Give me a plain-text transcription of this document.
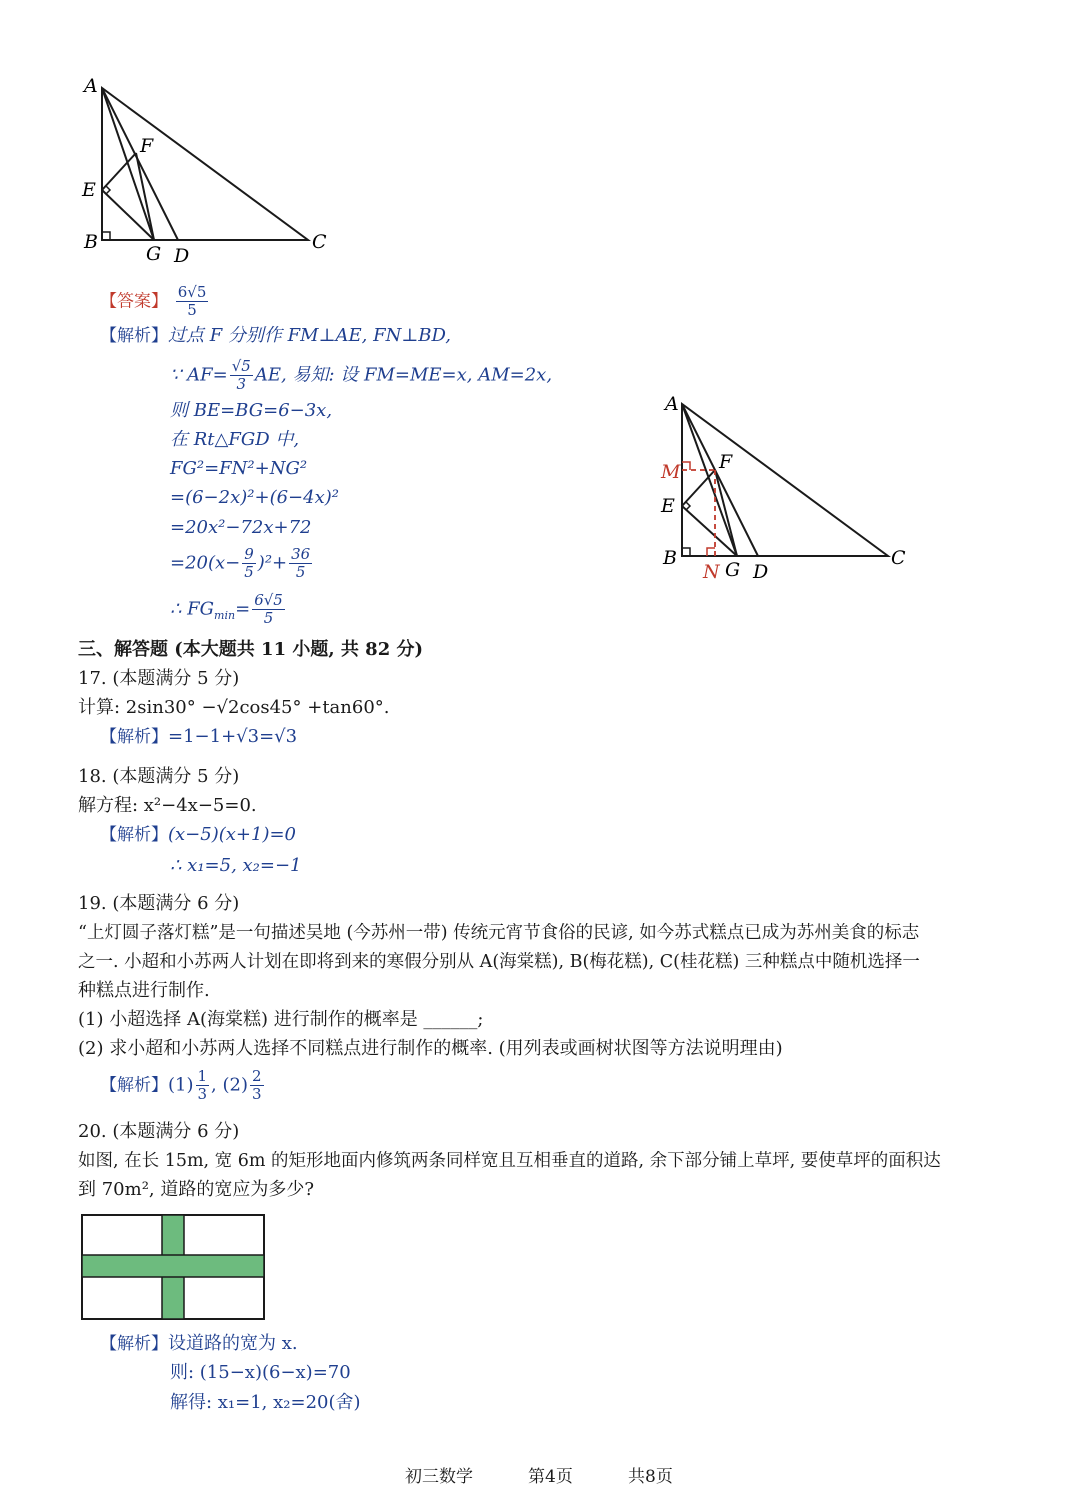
A
F
E
B
G D
C
A
M F
E
B
N G D
C
【答案】 $\frac{6√5}{5}$
【解析】过点 F 分别作 FM⊥AE, FN⊥BD,
∵ $AF= \frac{√5}{3}$ AE, 易知: 设 FM=ME=x, AM=2x,
则 BE=BG=6−3x,
在 Rt△FGD 中,
FG²=FN²+NG²
=(6−2x)²+(6−4x)²
=20x²−72x+72
$=20(x- \frac{9}{5} )^2+ \frac{36}{5}$
∴ $FG_{min}= \frac{6√5}{5}$
三、解答题 (本大题共 11 小题, 共 82 分)
17. (本题满分 5 分)
计算: 2sin30° −√2cos45° +tan60°.
【解析】=1−1+√3=√3
18. (本题满分 5 分)
解方程: x²−4x−5=0.
【解析】(x−5)(x+1)=0
∴ x₁=5, x₂=−1
19. (本题满分 6 分)
“上灯圆子落灯糕”是一句描述吴地 (今苏州一带) 传统元宵节食俗的民谚, 如今苏式糕点已成为苏州美食的标志
之一. 小超和小苏两人计划在即将到来的寒假分别从 A(海棠糕), B(梅花糕), C(桂花糕) 三种糕点中随机选择一
种糕点进行制作.
(1) 小超选择 A(海棠糕) 进行制作的概率是 ______;
(2) 求小超和小苏两人选择不同糕点进行制作的概率. (用列表或画树状图等方法说明理由)
【解析】$(1) \frac{1}{3}$ , $(2) \frac{2}{3}$
20. (本题满分 6 分)
如图, 在长 15m, 宽 6m 的矩形地面内修筑两条同样宽且互相垂直的道路, 余下部分铺上草坪, 要使草坪的面积达
到 70m², 道路的宽应为多少?
【解析】设道路的宽为 x.
则: (15−x)(6−x)=70
解得: x₁=1, x₂=20(舍)
初三数学	第4页	共8页
